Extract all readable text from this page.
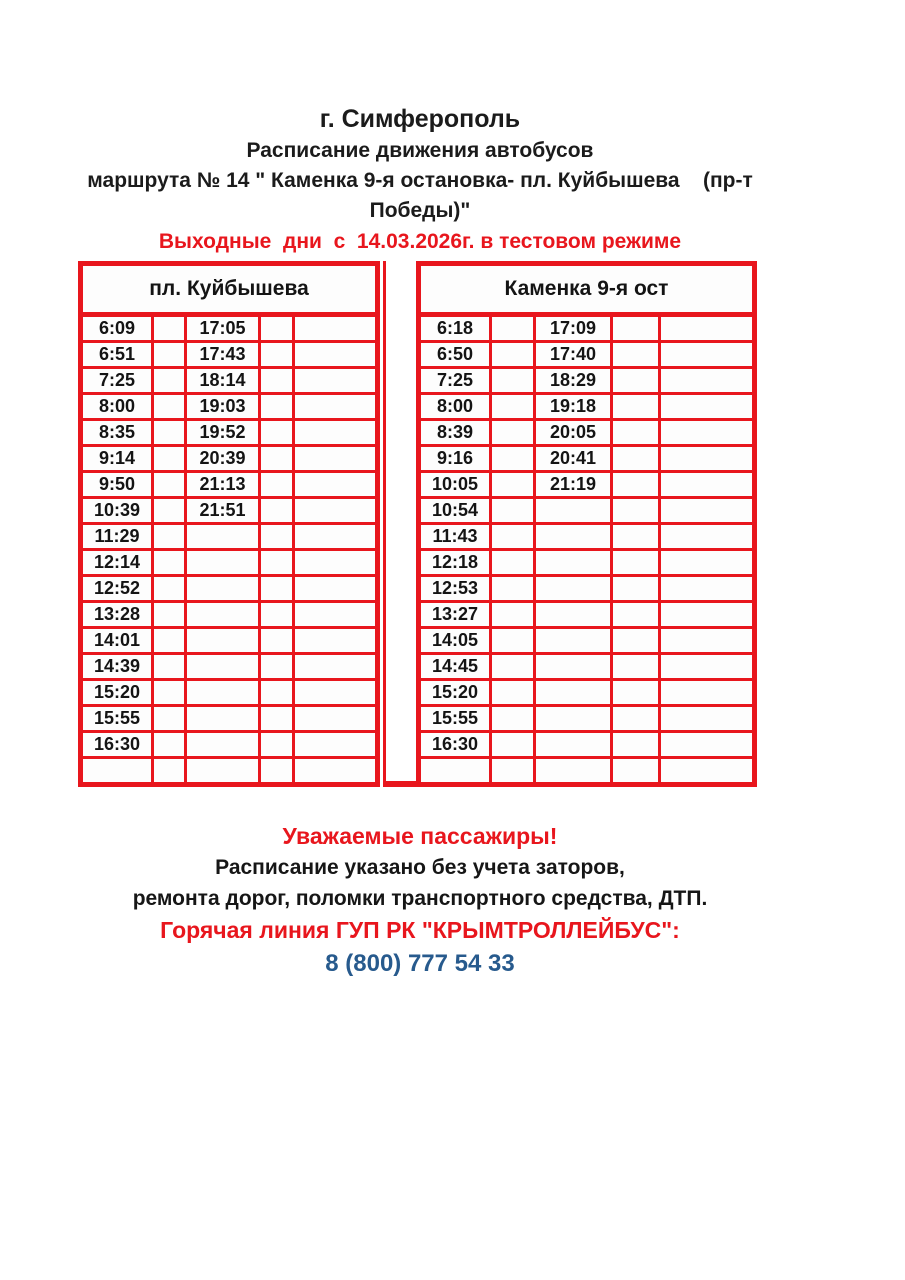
г. Симферополь
Расписание движения автобусов
маршрута № 14 " Каменка 9-я остановка- пл. Куйбышева    (пр-т
Победы)"
Выходные  дни  с  14.03.2026г. в тестовом режиме
пл. Куйбышева				
6:09		17:05		
6:51		17:43		
7:25		18:14		
8:00		19:03		
8:35		19:52		
9:14		20:39		
9:50		21:13		
10:39		21:51		
11:29				
12:14				
12:52				
13:28				
14:01				
14:39				
15:20				
15:55				
16:30				

Каменка 9-я ост				
6:18		17:09		
6:50		17:40		
7:25		18:29		
8:00		19:18		
8:39		20:05		
9:16		20:41		
10:05		21:19		
10:54				
11:43				
12:18				
12:53				
13:27				
14:05				
14:45				
15:20				
15:55				
16:30				

Уважаемые пассажиры!
Расписание указано без учета заторов,
ремонта дорог, поломки транспортного средства, ДТП.
Горячая линия ГУП РК "КРЫМТРОЛЛЕЙБУС":
8 (800) 777 54 33
